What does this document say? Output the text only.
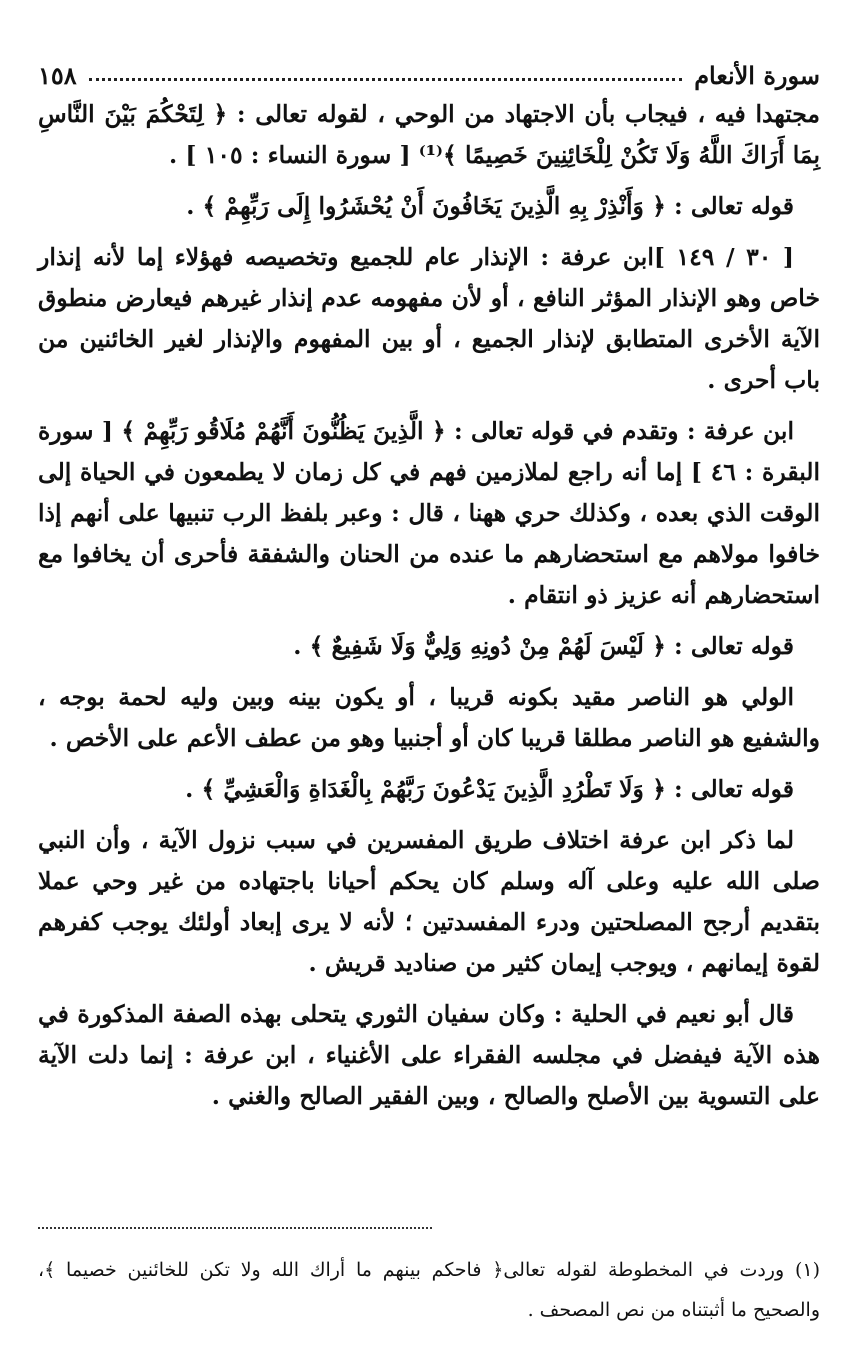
سورة الأنعام
١٥٨

مجتهدا فيه ، فيجاب بأن الاجتهاد من الوحي ، لقوله تعالى : ﴿ لِتَحْكُمَ بَيْنَ النَّاسِ بِمَا أَرَاكَ اللَّهُ وَلَا تَكُنْ لِلْخَائِنِينَ خَصِيمًا ﴾⁽¹⁾ [ سورة النساء : ١٠٥ ] .

قوله تعالى : ﴿ وَأَنْذِرْ بِهِ الَّذِينَ يَخَافُونَ أَنْ يُحْشَرُوا إِلَى رَبِّهِمْ ﴾ .

[ ٣٠ / ١٤٩ ]ابن عرفة : الإنذار عام للجميع وتخصيصه فهؤلاء إما لأنه إنذار خاص وهو الإنذار المؤثر النافع ، أو لأن مفهومه عدم إنذار غيرهم فيعارض منطوق الآية الأخرى المتطابق لإنذار الجميع ، أو بين المفهوم والإنذار لغير الخائنين من باب أحرى .

ابن عرفة : وتقدم في قوله تعالى : ﴿ الَّذِينَ يَظُنُّونَ أَنَّهُمْ مُلَاقُو رَبِّهِمْ ﴾ [ سورة البقرة : ٤٦ ] إما أنه راجع لملازمين فهم في كل زمان لا يطمعون في الحياة إلى الوقت الذي بعده ، وكذلك حري ههنا ، قال : وعبر بلفظ الرب تنبيها على أنهم إذا خافوا مولاهم مع استحضارهم ما عنده من الحنان والشفقة فأحرى أن يخافوا مع استحضارهم أنه عزيز ذو انتقام .

قوله تعالى : ﴿ لَيْسَ لَهُمْ مِنْ دُونِهِ وَلِيٌّ وَلَا شَفِيعٌ ﴾ .

الولي هو الناصر مقيد بكونه قريبا ، أو يكون بينه وبين وليه لحمة بوجه ، والشفيع هو الناصر مطلقا قريبا كان أو أجنبيا وهو من عطف الأعم على الأخص .

قوله تعالى : ﴿ وَلَا تَطْرُدِ الَّذِينَ يَدْعُونَ رَبَّهُمْ بِالْغَدَاةِ وَالْعَشِيِّ ﴾ .

لما ذكر ابن عرفة اختلاف طريق المفسرين في سبب نزول الآية ، وأن النبي صلى الله عليه وعلى آله وسلم كان يحكم أحيانا باجتهاده من غير وحي عملا بتقديم أرجح المصلحتين ودرء المفسدتين ؛ لأنه لا يرى إبعاد أولئك يوجب كفرهم لقوة إيمانهم ، ويوجب إيمان كثير من صناديد قريش .

قال أبو نعيم في الحلية : وكان سفيان الثوري يتحلى بهذه الصفة المذكورة في هذه الآية فيفضل في مجلسه الفقراء على الأغنياء ، ابن عرفة : إنما دلت الآية على التسوية بين الأصلح والصالح ، وبين الفقير الصالح والغني .

(١) وردت في المخطوطة لقوله تعالى﴿ فاحكم بينهم ما أراك الله ولا تكن للخائنين خصيما ﴾، والصحيح ما أثبتناه من نص المصحف .
